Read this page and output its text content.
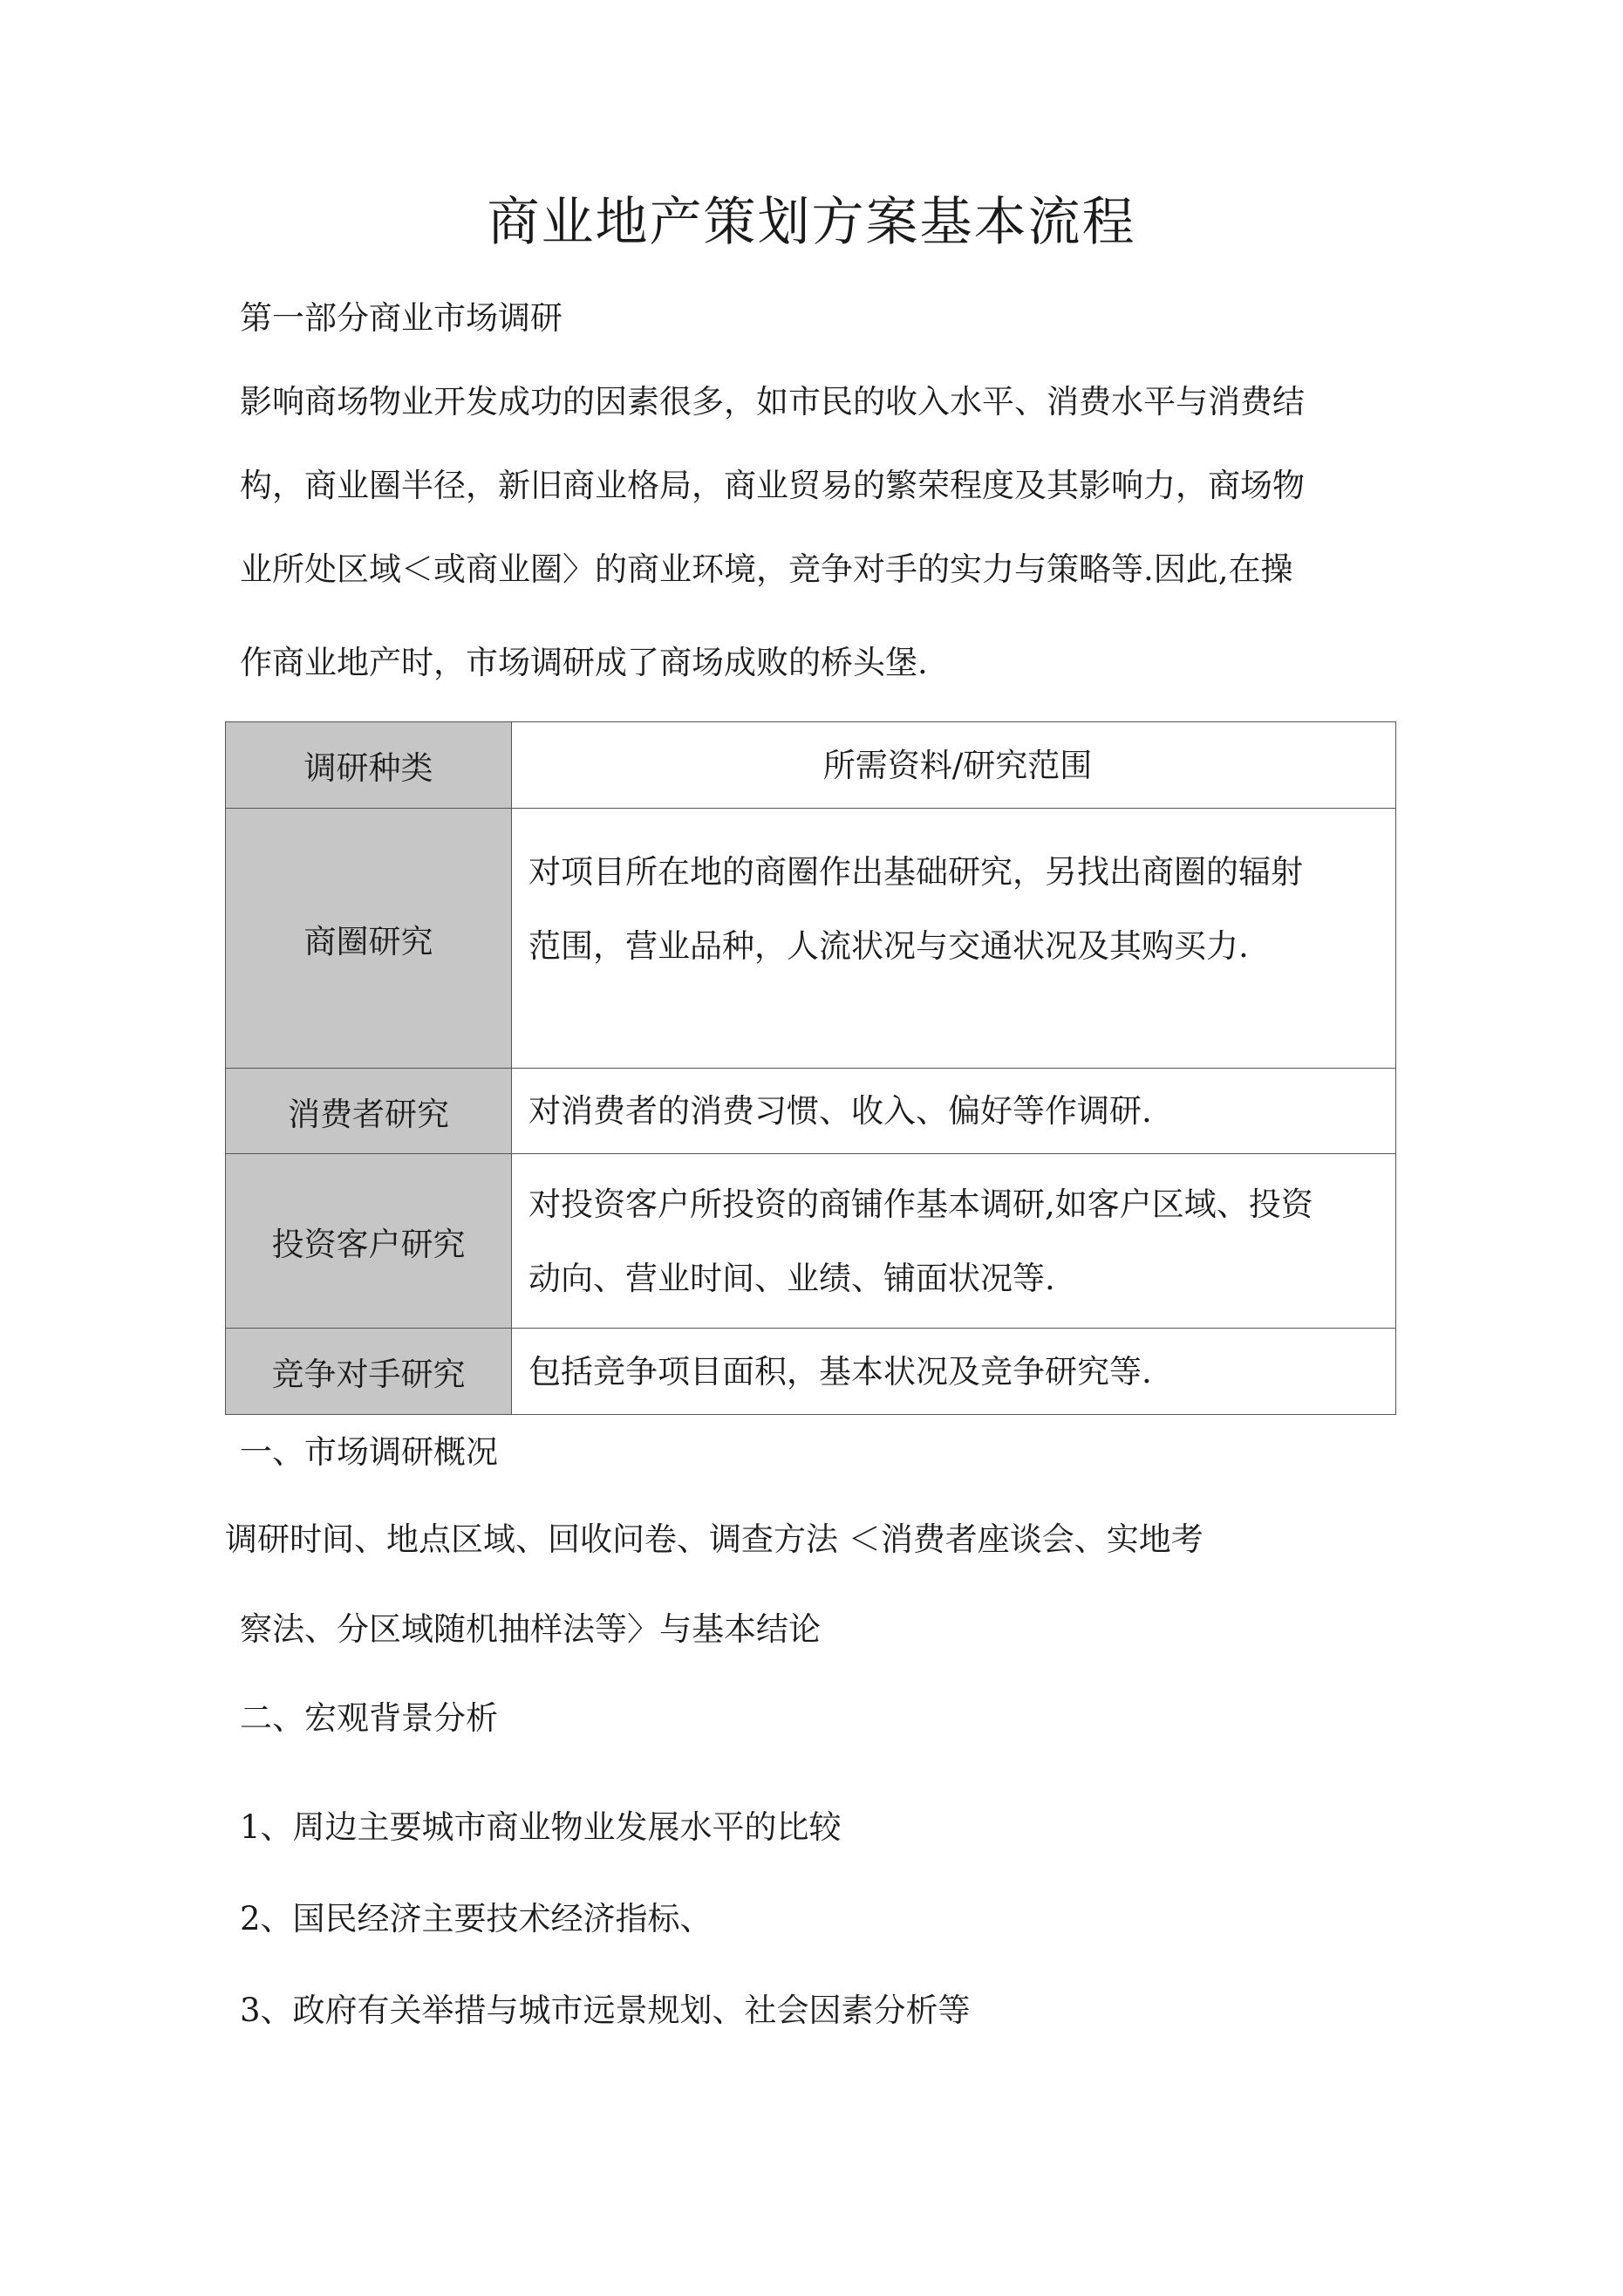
商业地产策划方案基本流程
第一部分商业市场调研
影响商场物业开发成功的因素很多，如市民的收入水平、消费水平与消费结
构，商业圈半径，新旧商业格局，商业贸易的繁荣程度及其影响力，商场物
业所处区域＜或商业圈〉的商业环境，竞争对手的实力与策略等.因此,在操
作商业地产时，市场调研成了商场成败的桥头堡.
调研种类	所需资料/研究范围
商圈研究	对项目所在地的商圈作出基础研究，另找出商圈的辐射
范围，营业品种，人流状况与交通状况及其购买力.

消费者研究	对消费者的消费习惯、收入、偏好等作调研.

投资客户研究	对投资客户所投资的商铺作基本调研,如客户区域、投资
动向、营业时间、业绩、铺面状况等.

竞争对手研究	包括竞争项目面积，基本状况及竞争研究等.
一、市场调研概况
调研时间、地点区域、回收问卷、调查方法 ＜消费者座谈会、实地考
察法、分区域随机抽样法等〉与基本结论
二、宏观背景分析
1、周边主要城市商业物业发展水平的比较
2、国民经济主要技术经济指标、
3、政府有关举措与城市远景规划、社会因素分析等
